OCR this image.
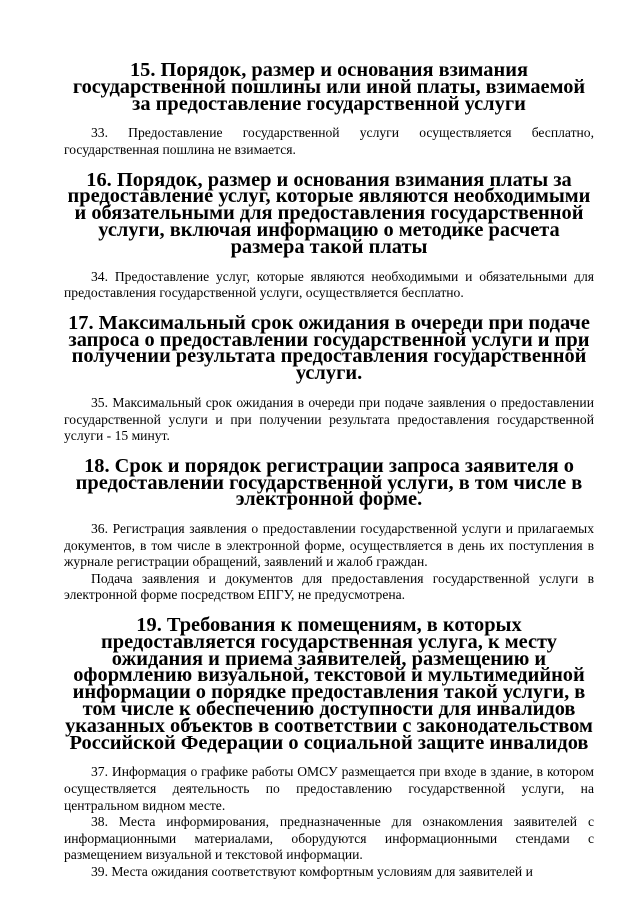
15. Порядок, размер и основания взимания государственной пошлины или иной платы, взимаемой за предоставление государственной услуги

33. Предоставление государственной услуги осуществляется бесплатно, государственная пошлина не взимается.

16. Порядок, размер и основания взимания платы за предоставление услуг, которые являются необходимыми и обязательными для предоставления государственной услуги, включая информацию о методике расчета размера такой платы

34. Предоставление услуг, которые являются необходимыми и обязательными для предоставления государственной услуги, осуществляется бесплатно.

17. Максимальный срок ожидания в очереди при подаче запроса о предоставлении государственной услуги и при получении результата предоставления государственной услуги.

35. Максимальный срок ожидания в очереди при подаче заявления о предоставлении государственной услуги и при получении результата предоставления государственной услуги - 15 минут.

18. Срок и порядок регистрации запроса заявителя о предоставлении государственной услуги, в том числе в электронной форме.

36. Регистрация заявления о предоставлении государственной услуги и прилагаемых документов, в том числе в электронной форме, осуществляется в день их поступления в журнале регистрации обращений, заявлений и жалоб граждан.

Подача заявления и документов для предоставления государственной услуги в электронной форме посредством ЕПГУ, не предусмотрена.

19. Требования к помещениям, в которых предоставляется государственная услуга, к месту ожидания и приема заявителей, размещению и оформлению визуальной, текстовой и мультимедийной информации о порядке предоставления такой услуги, в том числе к обеспечению доступности для инвалидов указанных объектов в соответствии с законодательством Российской Федерации о социальной защите инвалидов

37. Информация о графике работы ОМСУ размещается при входе в здание, в котором осуществляется деятельность по предоставлению государственной услуги, на центральном видном месте.

38. Места информирования, предназначенные для ознакомления заявителей с информационными материалами, оборудуются информационными стендами с размещением визуальной и текстовой информации.

39. Места ожидания соответствуют комфортным условиям для заявителей и
